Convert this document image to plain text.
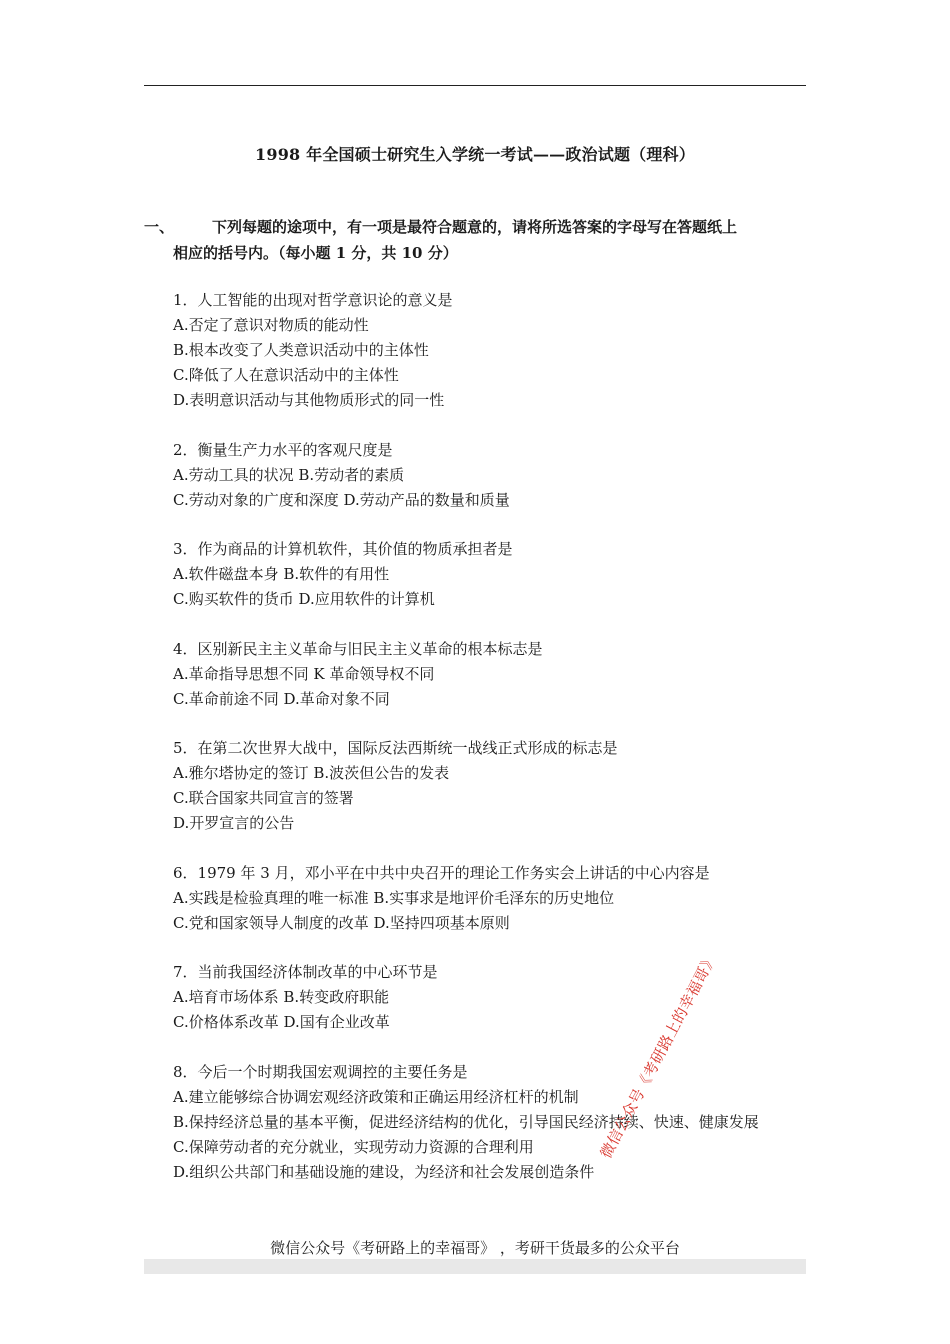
1998 年全国硕士研究生入学统一考试——政治试题（理科）
一、	下列每题的途项中，有一项是最符合题意的，请将所选答案的字母写在答题纸上
相应的括号内。（每小题 1 分，共 10 分）
1．人工智能的出现对哲学意识论的意义是
A.否定了意识对物质的能动性
B.根本改变了人类意识活动中的主体性
C.降低了人在意识活动中的主体性
D.表明意识活动与其他物质形式的同一性
2．衡量生产力水平的客观尺度是
A.劳动工具的状况 B.劳动者的素质
C.劳动对象的广度和深度 D.劳动产品的数量和质量
3．作为商品的计算机软件，其价值的物质承担者是
A.软件磁盘本身 B.软件的有用性
C.购买软件的货币 D.应用软件的计算机
4．区别新民主主义革命与旧民主主义革命的根本标志是
A.革命指导思想不同 K 革命领导权不同
C.革命前途不同 D.革命对象不同
5．在第二次世界大战中，国际反法西斯统一战线正式形成的标志是
A.雅尔塔协定的签订 B.波茨但公告的发表
C.联合国家共同宣言的签署
D.开罗宣言的公告
6．1979 年 3 月，邓小平在中共中央召开的理论工作务实会上讲话的中心内容是
A.实践是检验真理的唯一标准 B.实事求是地评价毛泽东的历史地位
C.党和国家领导人制度的改革 D.坚持四项基本原则
7．当前我国经济体制改革的中心环节是
A.培育市场体系 B.转变政府职能
C.价格体系改革 D.国有企业改革
8．今后一个时期我国宏观调控的主要任务是
A.建立能够综合协调宏观经济政策和正确运用经济杠杆的机制
B.保持经济总量的基本平衡，促进经济结构的优化，引导国民经济持续、快速、健康发展
C.保障劳动者的充分就业，实现劳动力资源的合理利用
D.组织公共部门和基础设施的建设，为经济和社会发展创造条件
微信公众号《考研路上的幸福哥》
微信公众号《考研路上的幸福哥》 ，考研干货最多的公众平台
